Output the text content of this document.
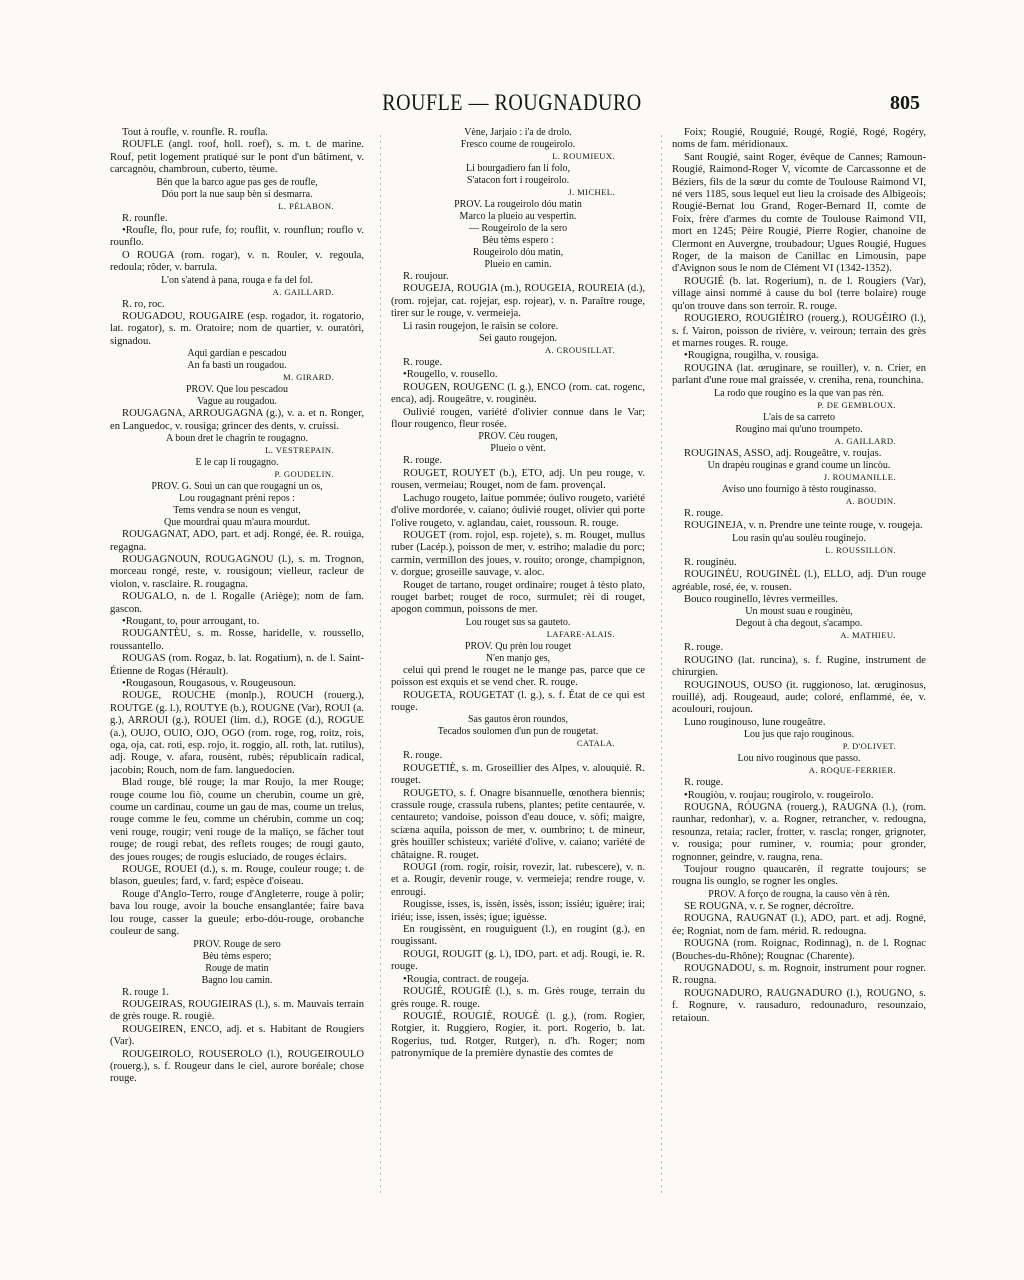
ROUFLE — ROUGNADURO	805

Tout à roufle, v. rounfle. R. roufla.

ROUFLE (angl. roof, holl. roef), s. m. t. de marine. Rouf, petit logement pratiqué sur le pont d'un bâtiment, v. carcagnòu, chambroun, cuberto, tèume.

Bèn que la barco ague pas ges de roufle,
Dóu port la nue saup bèn si desmarra.

L. PÉLABON.

R. rounfle.

•Roufle, flo, pour rufe, fo; rouflit, v. rounflun; rouflo v. rounflo.

O ROUGA (rom. rogar), v. n. Rouler, v. regoula, redoula; rôder, v. barrula.

L'on s'atend à pana, rouga e fa del fol.

A. GAILLARD.

R. ro, roc.

ROUGADOU, ROUGAIRE (esp. rogador, it. rogatorio, lat. rogator), s. m. Oratoire; nom de quartier, v. ouratòri, signadou.

Aqui gardian e pescadou
An fa bastì un rougadou.

M. GIRARD.

PROV. Que lou pescadou
Vague au rougadou.

ROUGAGNA, ARROUGAGNA (g.), v. a. et n. Ronger, en Languedoc, v. rousiga; grincer des dents, v. cruissi.

A boun dret le chagrin te rougagno.

L. VESTREPAIN.

E le cap li rougagno.

P. GOUDELIN.

PROV. G. Soui un can que rougagni un os,
Lou rougagnant prèni repos :
Tems vendra se noun es vengut,
Que mourdrai quau m'aura mourdut.

ROUGAGNAT, ADO, part. et adj. Rongé, ée. R. rouiga, regagna.

ROUGAGNOUN, ROUGAGNOU (l.), s. m. Trognon, morceau rongé, reste, v. rousigoun; vielleur, racleur de violon, v. rasclaire. R. rougagna.

ROUGALO, n. de l. Rogalle (Ariège); nom de fam. gascon.

•Rougant, to, pour arrougant, to.

ROUGANTÈU, s. m. Rosse, haridelle, v. roussello, roussantello.

ROUGAS (rom. Rogaz, b. lat. Rogatium), n. de l. Saint-Étienne de Rogas (Hérault).

•Rougasoun, Rougasous, v. Rougeusoun.

ROUGE, ROUCHE (monlp.), ROUCH (rouerg.), ROUTGE (g. l.), ROUTYE (b.), ROUGNE (Var), ROUI (a. g.), ARROUI (g.), ROUEI (lim. d.), ROGE (d.), ROGUE (a.), OUJO, OUIO, OJO, OGO (rom. roge, rog, roitz, rois, oga, oja, cat. roti, esp. rojo, it. roggio, all. roth, lat. rutilus), adj. Rouge, v. afara, rousènt, rubès; républicain radical, jacobin; Rouch, nom de fam. languedocien.

Blad rouge, blé rouge; la mar Roujo, la mer Rouge; rouge coume lou fiò, coume un cherubin, coume un grè, coume un cardinau, coume un gau de mas, coume un trelus, rouge comme le feu, comme un chérubin, comme un coq; veni rouge, rougir; veni rouge de la maliço, se fâcher tout rouge; de rougi rebat, des reflets rouges; de rougi gauto, des joues rouges; de rougis esluciado, de rouges éclairs.

ROUGE, ROUEI (d.), s. m. Rouge, couleur rouge; t. de blason, gueules; fard, v. fard; espèce d'oiseau.

Rouge d'Anglo-Terro, rouge d'Angleterre, rouge à polir; bava lou rouge, avoir la bouche ensanglantée; faire bava lou rouge, casser la gueule; erbo-dóu-rouge, orobanche couleur de sang.

PROV. Rouge de sero
Bèu tèms espero;
Rouge de matin
Bagno lou camin.

R. rouge 1.

ROUGEIRAS, ROUGIEIRAS (l.), s. m. Mauvais terrain de grès rouge. R. rougiè.

ROUGEIREN, ENCO, adj. et s. Habitant de Rougiers (Var).

ROUGEIROLO, ROUSEROLO (l.), ROUGEIROULO (rouerg.), s. f. Rougeur dans le ciel, aurore boréale; chose rouge.

Vène, Jarjaio : i'a de drolo.
Fresco coume de rougeirolo.

L. ROUMIEUX.

Li bourgadiero fan li folo,
S'atacon fort i rougeirolo.

J. MICHEL.

PROV. La rougeirolo dóu matin
Marco la plueio au vespertin.
— Rougeirolo de la sero
Bèu tèms espero :
Rougeirolo dóu matin,
Plueio en camin.

R. roujour.

ROUGEJA, ROUGIA (m.), ROUGEIA, ROUREIA (d.), (rom. rojejar, cat. rojejar, esp. rojear), v. n. Paraître rouge, tirer sur le rouge, v. vermeieja.

Li rasin rougejon, le raisin se colore.

Sei gauto rougejon.

A. CROUSILLAT.

R. rouge.

•Rougello, v. rousello.

ROUGEN, ROUGENC (l. g.), ENCO (rom. cat. rogenc, enca), adj. Rougeâtre, v. rouginèu.

Oulivié rougen, variété d'olivier connue dans le Var; flour rougenco, fleur rosée.

PROV. Cèu rougen,
Plueio o vènt.

R. rouge.

ROUGET, ROUYET (b.), ETO, adj. Un peu rouge, v. rousen, vermeiau; Rouget, nom de fam. provençal.

Lachugo rougeto, laitue pommée; óulivo rougeto, variété d'olive mordorée, v. caiano; óulivié rouget, olivier qui porte l'olive rougeto, v. aglandau, caiet, roussoun. R. rouge.

ROUGET (rom. rojol, esp. rojete), s. m. Rouget, mullus ruber (Lacép.), poisson de mer, v. estriho; maladie du porc; carmin, vermillon des joues, v. rouito; oronge, champignon, v. dorgue; groseille sauvage, v. aloc.

Rouget de tartano, rouget ordinaire; rouget à tèsto plato, rouget barbet; rouget de roco, surmulet; rèi di rouget, apogon commun, poissons de mer.

Lou rouget sus sa gauteto.

LAFARE-ALAIS.

PROV. Qu prèn lou rouget
N'en manjo ges,

celui qui prend le rouget ne le mange pas, parce que ce poisson est exquis et se vend cher. R. rouge.

ROUGETA, ROUGETAT (l. g.), s. f. État de ce qui est rouge.

Sas gautos èron roundos,
Tecados soulomen d'un pun de rougetat.

CATALA.

R. rouge.

ROUGETIÈ, s. m. Groseillier des Alpes, v. alouquié. R. rouget.

ROUGETO, s. f. Onagre bisannuelle, œnothera biennis; crassule rouge, crassula rubens, plantes; petite centaurée, v. centaureto; vandoise, poisson d'eau douce, v. sòfi; maigre, sciæna aquila, poisson de mer, v. oumbrino; t. de mineur, grès houiller schisteux; variété d'olive, v. caiano; variété de châtaigne. R. rouget.

ROUGI (rom. rogir, roisir, rovezir, lat. rubescere), v. n. et a. Rougir, devenir rouge, v. vermeieja; rendre rouge, v. enrougi.

Rougisse, isses, is, issèn, issès, isson; issiéu; iguère; irai; iriéu; isse, issen, issès; igue; iguèsse.

En rougissènt, en rouguiguent (l.), en rougint (g.), en rougissant.

ROUGI, ROUGIT (g. l.), IDO, part. et adj. Rougi, ie. R. rouge.

•Rougia, contract. de rougeja.

ROUGIÉ, ROUGIÈ (l.), s. m. Grès rouge, terrain du grès rouge. R. rouge.

ROUGIÉ, ROUGIÈ, ROUGÈ (l. g.), (rom. Rogier, Rotgier, it. Ruggiero, Rogier, it. port. Rogerio, b. lat. Rogerius, tud. Rotger, Rutger), n. d'h. Roger; nom patronymique de la première dynastie des comtes de

Foix; Rougié, Rouguié, Rougé, Rogié, Rogé, Rogéry, noms de fam. méridionaux.

Sant Rougié, saint Roger, évêque de Cannes; Ramoun-Rougié, Raimond-Roger V, vicomte de Carcassonne et de Béziers, fils de la sœur du comte de Toulouse Raimond VI, né vers 1185, sous lequel eut lieu la croisade des Albigeois; Rougié-Bernat lou Grand, Roger-Bernard II, comte de Foix, frère d'armes du comte de Toulouse Raimond VII, mort en 1245; Pèire Rougié, Pierre Rogier, chanoine de Clermont en Auvergne, troubadour; Ugues Rougié, Hugues Roger, de la maison de Canillac en Limousin, pape d'Avignon sous le nom de Clément VI (1342-1352).

ROUGIÉ (b. lat. Rogerium), n. de l. Rougiers (Var), village ainsi nommé à cause du bol (terre bolaire) rouge qu'on trouve dans son terroir. R. rouge.

ROUGIERO, ROUGIÈIRO (rouerg.), ROUGÈIRO (l.), s. f. Vairon, poisson de rivière, v. veiroun; terrain des grès et marnes rouges. R. rouge.

•Rougigna, rougilha, v. rousiga.

ROUGINA (lat. œruginare, se rouiller), v. n. Crier, en parlant d'une roue mal graissée, v. creniha, rena, rounchina.

La rodo que rougino es la que van pas rèn.

P. DE GEMBLOUX.

L'ais de sa carreto
Rougino mai qu'uno troumpeto.

A. GAILLARD.

ROUGINAS, ASSO, adj. Rougeâtre, v. roujas.

Un drapèu rouginas e grand coume un lincòu.

J. ROUMANILLE.

Aviso uno fournigo à tèsto rouginasso.

A. BOUDIN.

R. rouge.

ROUGINEJA, v. n. Prendre une teinte rouge, v. rougeja.

Lou rasin qu'au soulèu rouginejo.

L. ROUSSILLON.

R. rouginèu.

ROUGINÈU, ROUGINÈL (l.), ELLO, adj. D'un rouge agréable, rosé, ée, v. rousen.

Bouco rouginello, lèvres vermeilles.

Un moust suau e rouginèu,
Degout à cha degout, s'acampo.

A. MATHIEU.

R. rouge.

ROUGINO (lat. runcina), s. f. Rugine, instrument de chirurgien.

ROUGINOUS, OUSO (it. ruggionoso, lat. œruginosus, rouillé), adj. Rougeaud, aude; coloré, enflammé, ée, v. acoulouri, roujoun.

Luno rouginouso, lune rougeâtre.

Lou jus que rajo rouginous.

P. D'OLIVET.

Lou nivo rouginous que passo.

A. ROQUE-FERRIER.

R. rouge.

•Rougiòu, v. roujau; rougirolo, v. rougeirolo.

ROUGNA, RÓUGNA (rouerg.), RAUGNA (l.), (rom. raunhar, redonhar), v. a. Rogner, retrancher, v. redougna, resounza, retaia; racler, frotter, v. rascla; ronger, grignoter, v. rousiga; pour ruminer, v. roumia; pour gronder, rognonner, geindre, v. raugna, rena.

Toujour rougno quaucarèn, il regratte toujours; se rougna lis ounglo, se rogner les ongles.

PROV. A forço de rougna, la causo vèn à rèn.

SE ROUGNA, v. r. Se rogner, décroître.

ROUGNA, RAUGNAT (l.), ADO, part. et adj. Rogné, ée; Rogniat, nom de fam. mérid. R. redougna.

ROUGNA (rom. Roignac, Rodinnag), n. de l. Rognac (Bouches-du-Rhône); Rougnac (Charente).

ROUGNADOU, s. m. Rognoir, instrument pour rogner. R. rougna.

ROUGNADURO, RAUGNADURO (l.), ROUGNO, s. f. Rognure, v. rausaduro, redounaduro, resounzaio, retaioun.
